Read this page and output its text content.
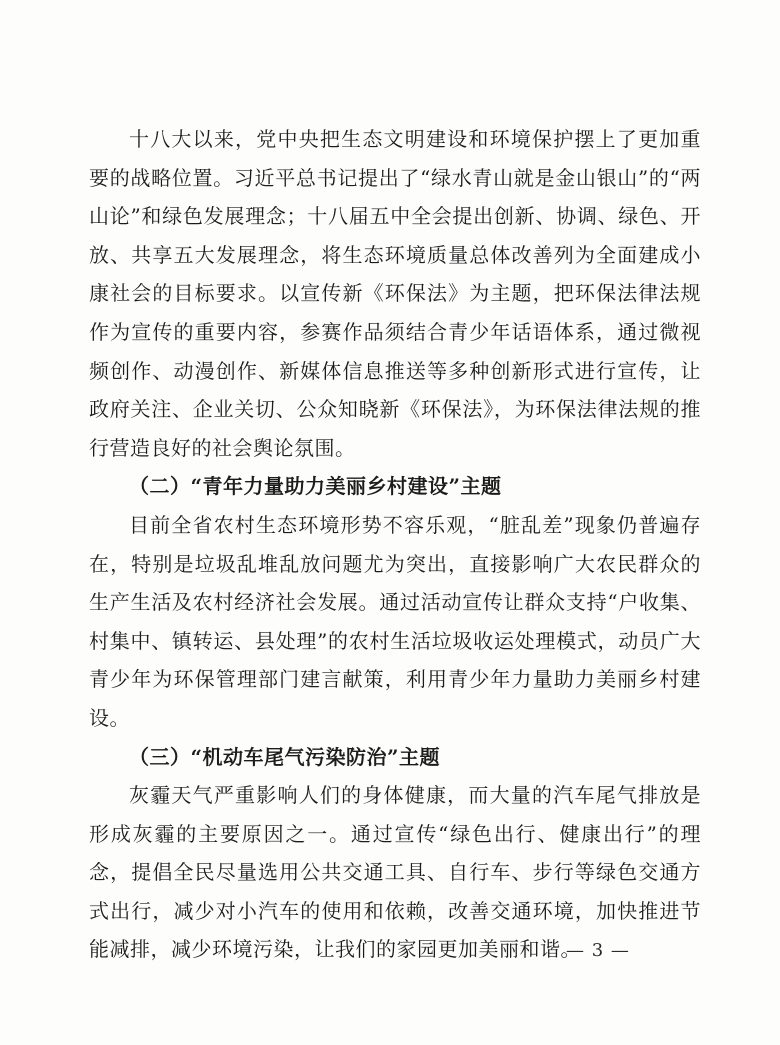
十八大以来，党中央把生态文明建设和环境保护摆上了更加重要的战略位置。习近平总书记提出了“绿水青山就是金山银山”的“两山论”和绿色发展理念；十八届五中全会提出创新、协调、绿色、开放、共享五大发展理念，将生态环境质量总体改善列为全面建成小康社会的目标要求。以宣传新《环保法》为主题，把环保法律法规作为宣传的重要内容，参赛作品须结合青少年话语体系，通过微视频创作、动漫创作、新媒体信息推送等多种创新形式进行宣传，让政府关注、企业关切、公众知晓新《环保法》，为环保法律法规的推行营造良好的社会舆论氛围。

（二）“青年力量助力美丽乡村建设”主题

目前全省农村生态环境形势不容乐观，“脏乱差”现象仍普遍存在，特别是垃圾乱堆乱放问题尤为突出，直接影响广大农民群众的生产生活及农村经济社会发展。通过活动宣传让群众支持“户收集、村集中、镇转运、县处理”的农村生活垃圾收运处理模式，动员广大青少年为环保管理部门建言献策，利用青少年力量助力美丽乡村建设。

（三）“机动车尾气污染防治”主题

灰霾天气严重影响人们的身体健康，而大量的汽车尾气排放是形成灰霾的主要原因之一。通过宣传“绿色出行、健康出行”的理念，提倡全民尽量选用公共交通工具、自行车、步行等绿色交通方式出行，减少对小汽车的使用和依赖，改善交通环境，加快推进节能减排，减少环境污染，让我们的家园更加美丽和谐。

— 3 —
